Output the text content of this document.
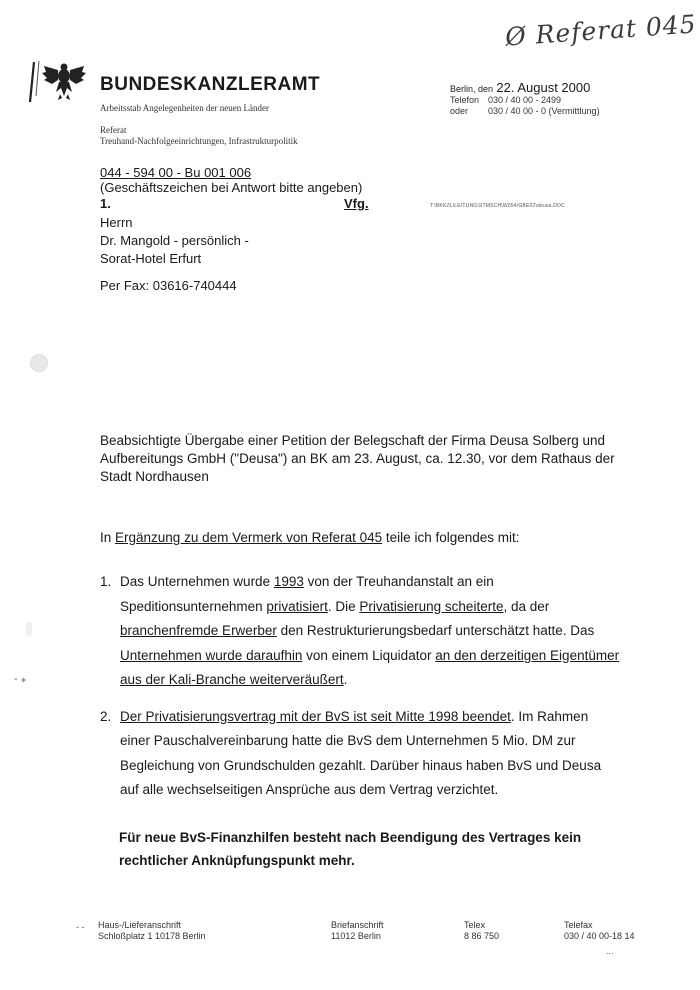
Ø Referat 045
BUNDESKANZLERAMT
Arbeitsstab Angelegenheiten der neuen Länder
Referat
Treuhand-Nachfolgeeinrichtungen, Infrastrukturpolitik
Berlin, den 22. August 2000
Telefon 030 / 40 00 - 2499
oder 030 / 40 00 - 0 (Vermittlung)
044 - 594 00 - Bu 001 006
(Geschäftszeichen bei Antwort bitte angeben)
1.	Vfg.	T:\BKKZL\LEITUNG\STMSCH\W054\GBE02\deusa.DOC
Herrn
Dr. Mangold - persönlich -
Sorat-Hotel Erfurt
Per Fax: 03616-740444
- ⁎
Beabsichtigte Übergabe einer Petition der Belegschaft der Firma Deusa Solberg und Aufbereitungs GmbH ("Deusa") an BK am 23. August, ca. 12.30, vor dem Rathaus der Stadt Nordhausen
In Ergänzung zu dem Vermerk von Referat 045 teile ich folgendes mit:
1. Das Unternehmen wurde 1993 von der Treuhandanstalt an ein Speditionsunternehmen privatisiert. Die Privatisierung scheiterte, da der branchenfremde Erwerber den Restrukturierungsbedarf unterschätzt hatte. Das Unternehmen wurde daraufhin von einem Liquidator an den derzeitigen Eigentümer aus der Kali-Branche weiterveräußert.

2. Der Privatisierungsvertrag mit der BvS ist seit Mitte 1998 beendet. Im Rahmen einer Pauschalvereinbarung hatte die BvS dem Unternehmen 5 Mio. DM zur Begleichung von Grundschulden gezahlt. Darüber hinaus haben BvS und Deusa auf alle wechselseitigen Ansprüche aus dem Vertrag verzichtet.

Für neue BvS-Finanzhilfen besteht nach Beendigung des Vertrages kein rechtlicher Anknüpfungspunkt mehr.
- - Haus-/Lieferanschrift
Schloßplatz 1 10178 Berlin
Briefanschrift
11012 Berlin
Telex
8 86 750
Telefax
030 / 40 00-18 14
...
